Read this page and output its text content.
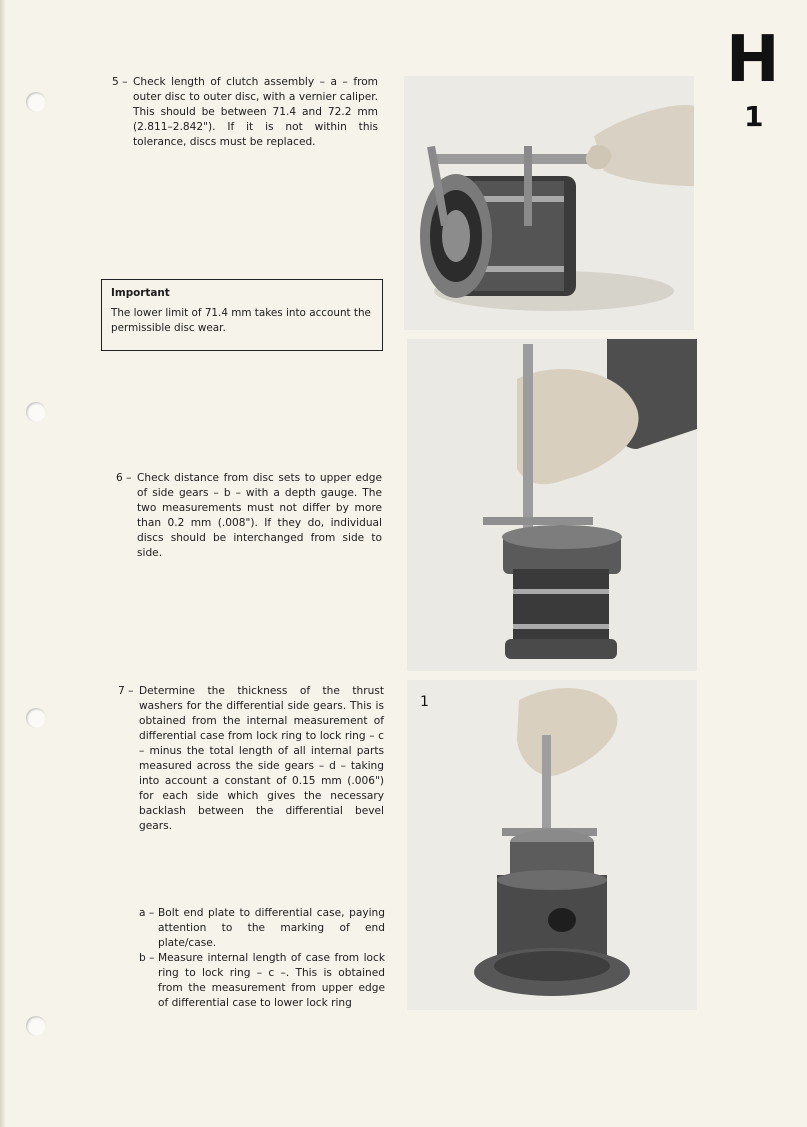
H
1
5 – Check length of clutch assembly – a – from outer disc to outer disc, with a vernier caliper. This should be between 71.4 and 72.2 mm (2.811–2.842"). If it is not within this tolerance, discs must be replaced.
Important
The lower limit of 71.4 mm takes into account the permissible disc wear.
6 – Check distance from disc sets to upper edge of side gears – b – with a depth gauge. The two measurements must not differ by more than 0.2 mm (.008"). If they do, individual discs should be interchanged from side to side.
7 – Determine the thickness of the thrust washers for the differential side gears. This is obtained from the internal measurement of differential case from lock ring to lock ring – c – minus the total length of all internal parts measured across the side gears – d – taking into account a constant of 0.15 mm (.006") for each side which gives the necessary backlash between the differential bevel gears.
a – Bolt end plate to differential case, paying attention to the marking of end plate/case.
b – Measure internal length of case from lock ring to lock ring – c –. This is obtained from the measurement from upper edge of differential case to lower lock ring
1
